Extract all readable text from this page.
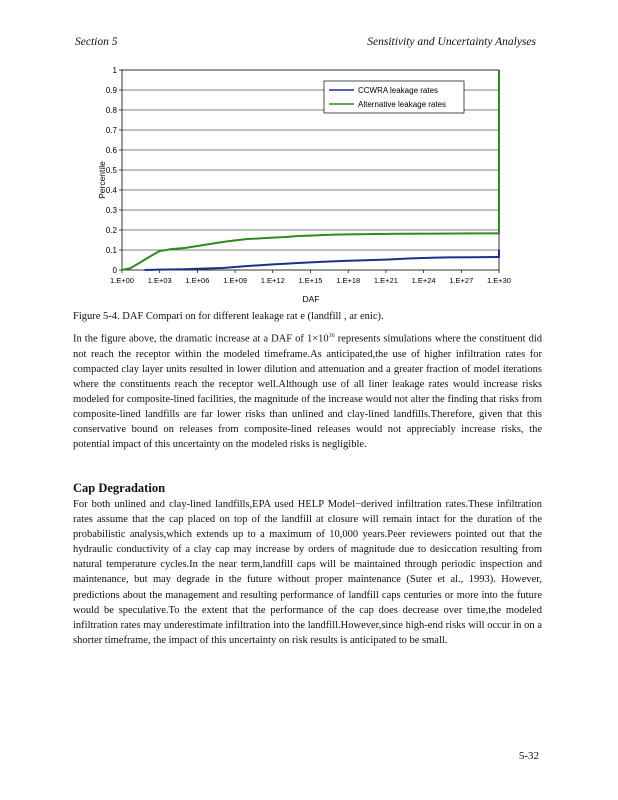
Section 5	Sensitivity and Uncertainty Analyses
0
0.1
0.2
0.3
0.4
0.5
0.6
0.7
0.8
0.9
1
1.E+00 1.E+03 1.E+06 1.E+09 1.E+12 1.E+15 1.E+18 1.E+21 1.E+24 1.E+27 1.E+30
Percentile
DAF
CCWRA leakage rates
Alternative leakage rates
Figure 5-4. DAF Compari on for different leakage rat e (landfill , ar enic).

In the figure above, the dramatic increase at a DAF of $1\times 10^{16}$ represents simulations where the constituent did not reach the receptor within the modeled timeframe.As anticipated,the use of higher infiltration rates for compacted clay layer units resulted in lower dilution and attenuation and a greater fraction of model iterations where the constituents reach the receptor well.Although use of all liner leakage rates would increase risks modeled for composite-lined facilities, the magnitude of the increase would not alter the finding that risks from composite-lined landfills are far lower risks than unlined and clay-lined landfills.Therefore, given that this conservative bound on releases from composite-lined releases would not appreciably increase risks, the potential impact of this uncertainty on the modeled risks is negligible.

Cap Degradation

For both unlined and clay-lined landfills,EPA used HELP Model−derived infiltration rates.These infiltration rates assume that the cap placed on top of the landfill at closure will remain intact for the duration of the probabilistic analysis,which extends up to a maximum of 10,000 years.Peer reviewers pointed out that the hydraulic conductivity of a clay cap may increase by orders of magnitude due to desiccation resulting from natural temperature cycles.In the near term,landfill caps will be maintained through periodic inspection and maintenance, but may degrade in the future without proper maintenance (Suter et al., 1993). However, predictions about the management and resulting performance of landfill caps centuries or more into the future would be speculative.To the extent that the performance of the cap does decrease over time,the modeled infiltration rates may underestimate infiltration into the landfill.However,since high-end risks will occur in on a shorter timeframe, the impact of this uncertainty on risk results is anticipated to be small.

5-32
